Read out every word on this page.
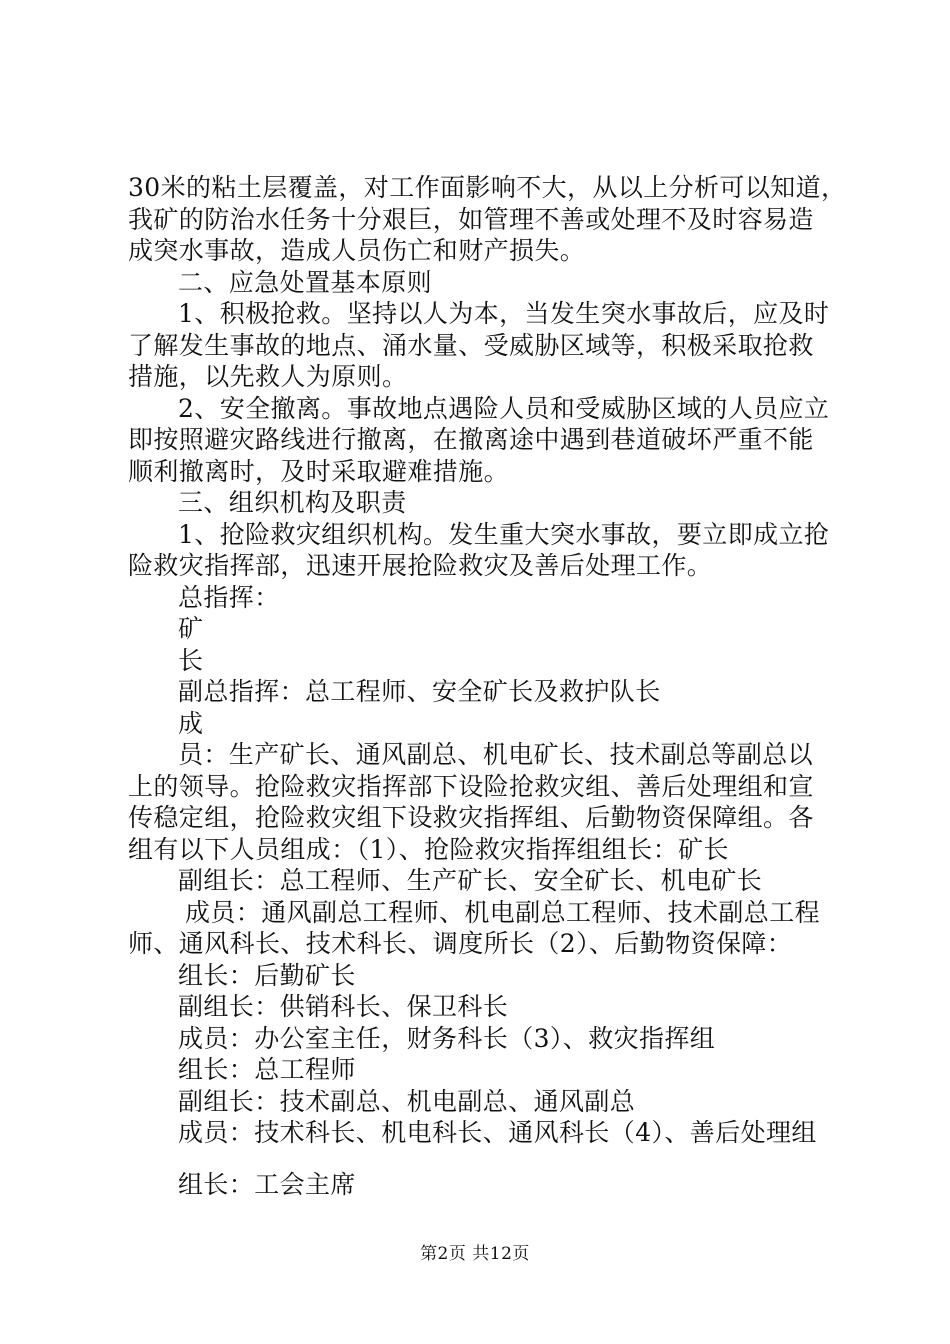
30米的粘土层覆盖，对工作面影响不大，从以上分析可以知道，
我矿的防治水任务十分艰巨，如管理不善或处理不及时容易造
成突水事故，造成人员伤亡和财产损失。
二、应急处置基本原则
1、积极抢救。坚持以人为本，当发生突水事故后，应及时
了解发生事故的地点、涌水量、受威胁区域等，积极采取抢救
措施，以先救人为原则。
2、安全撤离。事故地点遇险人员和受威胁区域的人员应立
即按照避灾路线进行撤离，在撤离途中遇到巷道破坏严重不能
顺利撤离时，及时采取避难措施。
三、组织机构及职责
1、抢险救灾组织机构。发生重大突水事故，要立即成立抢
险救灾指挥部，迅速开展抢险救灾及善后处理工作。
总指挥：
矿
长
副总指挥：总工程师、安全矿长及救护队长
成
员：生产矿长、通风副总、机电矿长、技术副总等副总以
上的领导。抢险救灾指挥部下设险抢救灾组、善后处理组和宣
传稳定组，抢险救灾组下设救灾指挥组、后勤物资保障组。各
组有以下人员组成：（1）、抢险救灾指挥组组长：矿长
副组长：总工程师、生产矿长、安全矿长、机电矿长
成员：通风副总工程师、机电副总工程师、技术副总工程
师、通风科长、技术科长、调度所长（2）、后勤物资保障：
组长：后勤矿长
副组长：供销科长、保卫科长
成员：办公室主任，财务科长（3）、救灾指挥组
组长：总工程师
副组长：技术副总、机电副总、通风副总
成员：技术科长、机电科长、通风科长（4）、善后处理组
组长：工会主席
第2页 共12页
